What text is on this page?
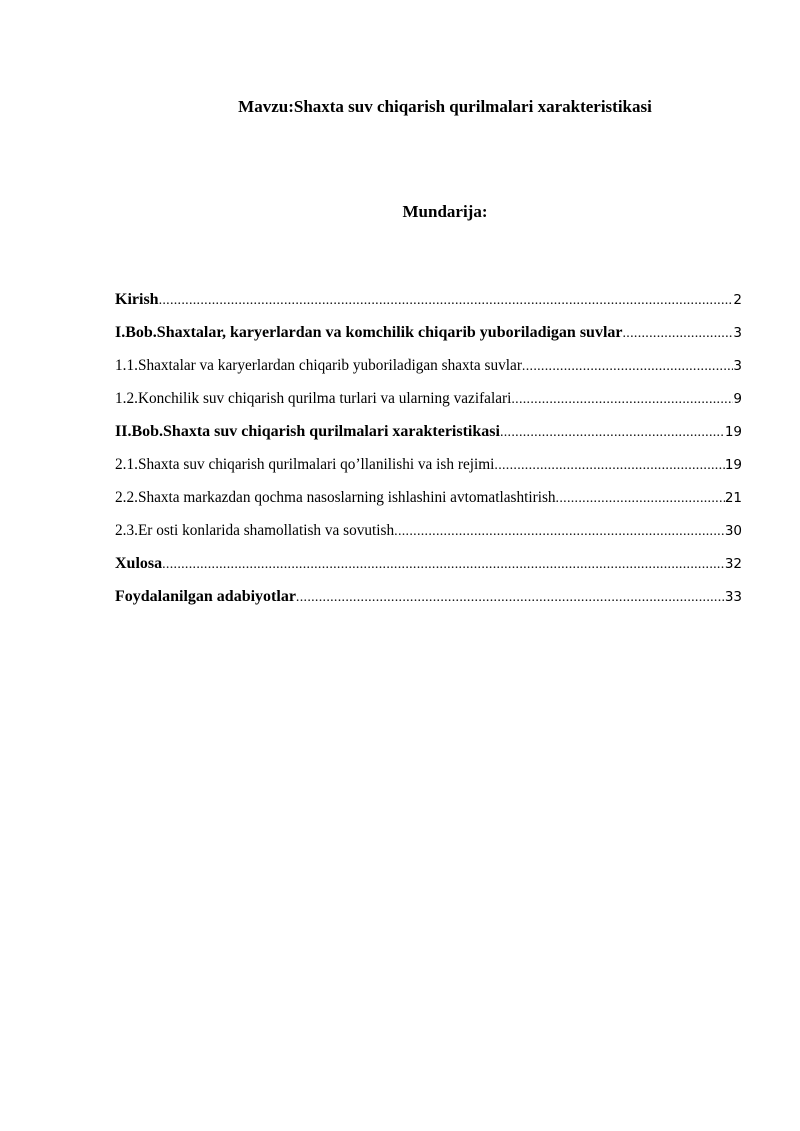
Mavzu:Shaxta suv chiqarish qurilmalari xarakteristikasi
Mundarija:
Kirish .....	2
I.Bob.Shaxtalar, karyerlardan va komchilik chiqarib yuboriladigan suvlar .....	3
1.1.Shaxtalar va karyerlardan chiqarib yuboriladigan shaxta suvlar .....	3
1.2.Konchilik suv chiqarish qurilma turlari va ularning vazifalari .....	9
II.Bob.Shaxta suv chiqarish qurilmalari xarakteristikasi .....	19
2.1.Shaxta suv chiqarish qurilmalari qo’llanilishi va ish rejimi .....	19
2.2.Shaxta markazdan qochma nasoslarning ishlashini avtomatlashtirish .....	21
2.3.Er osti konlarida shamollatish va sovutish .....	30
Xulosa .....	32
Foydalanilgan adabiyotlar .....	33
